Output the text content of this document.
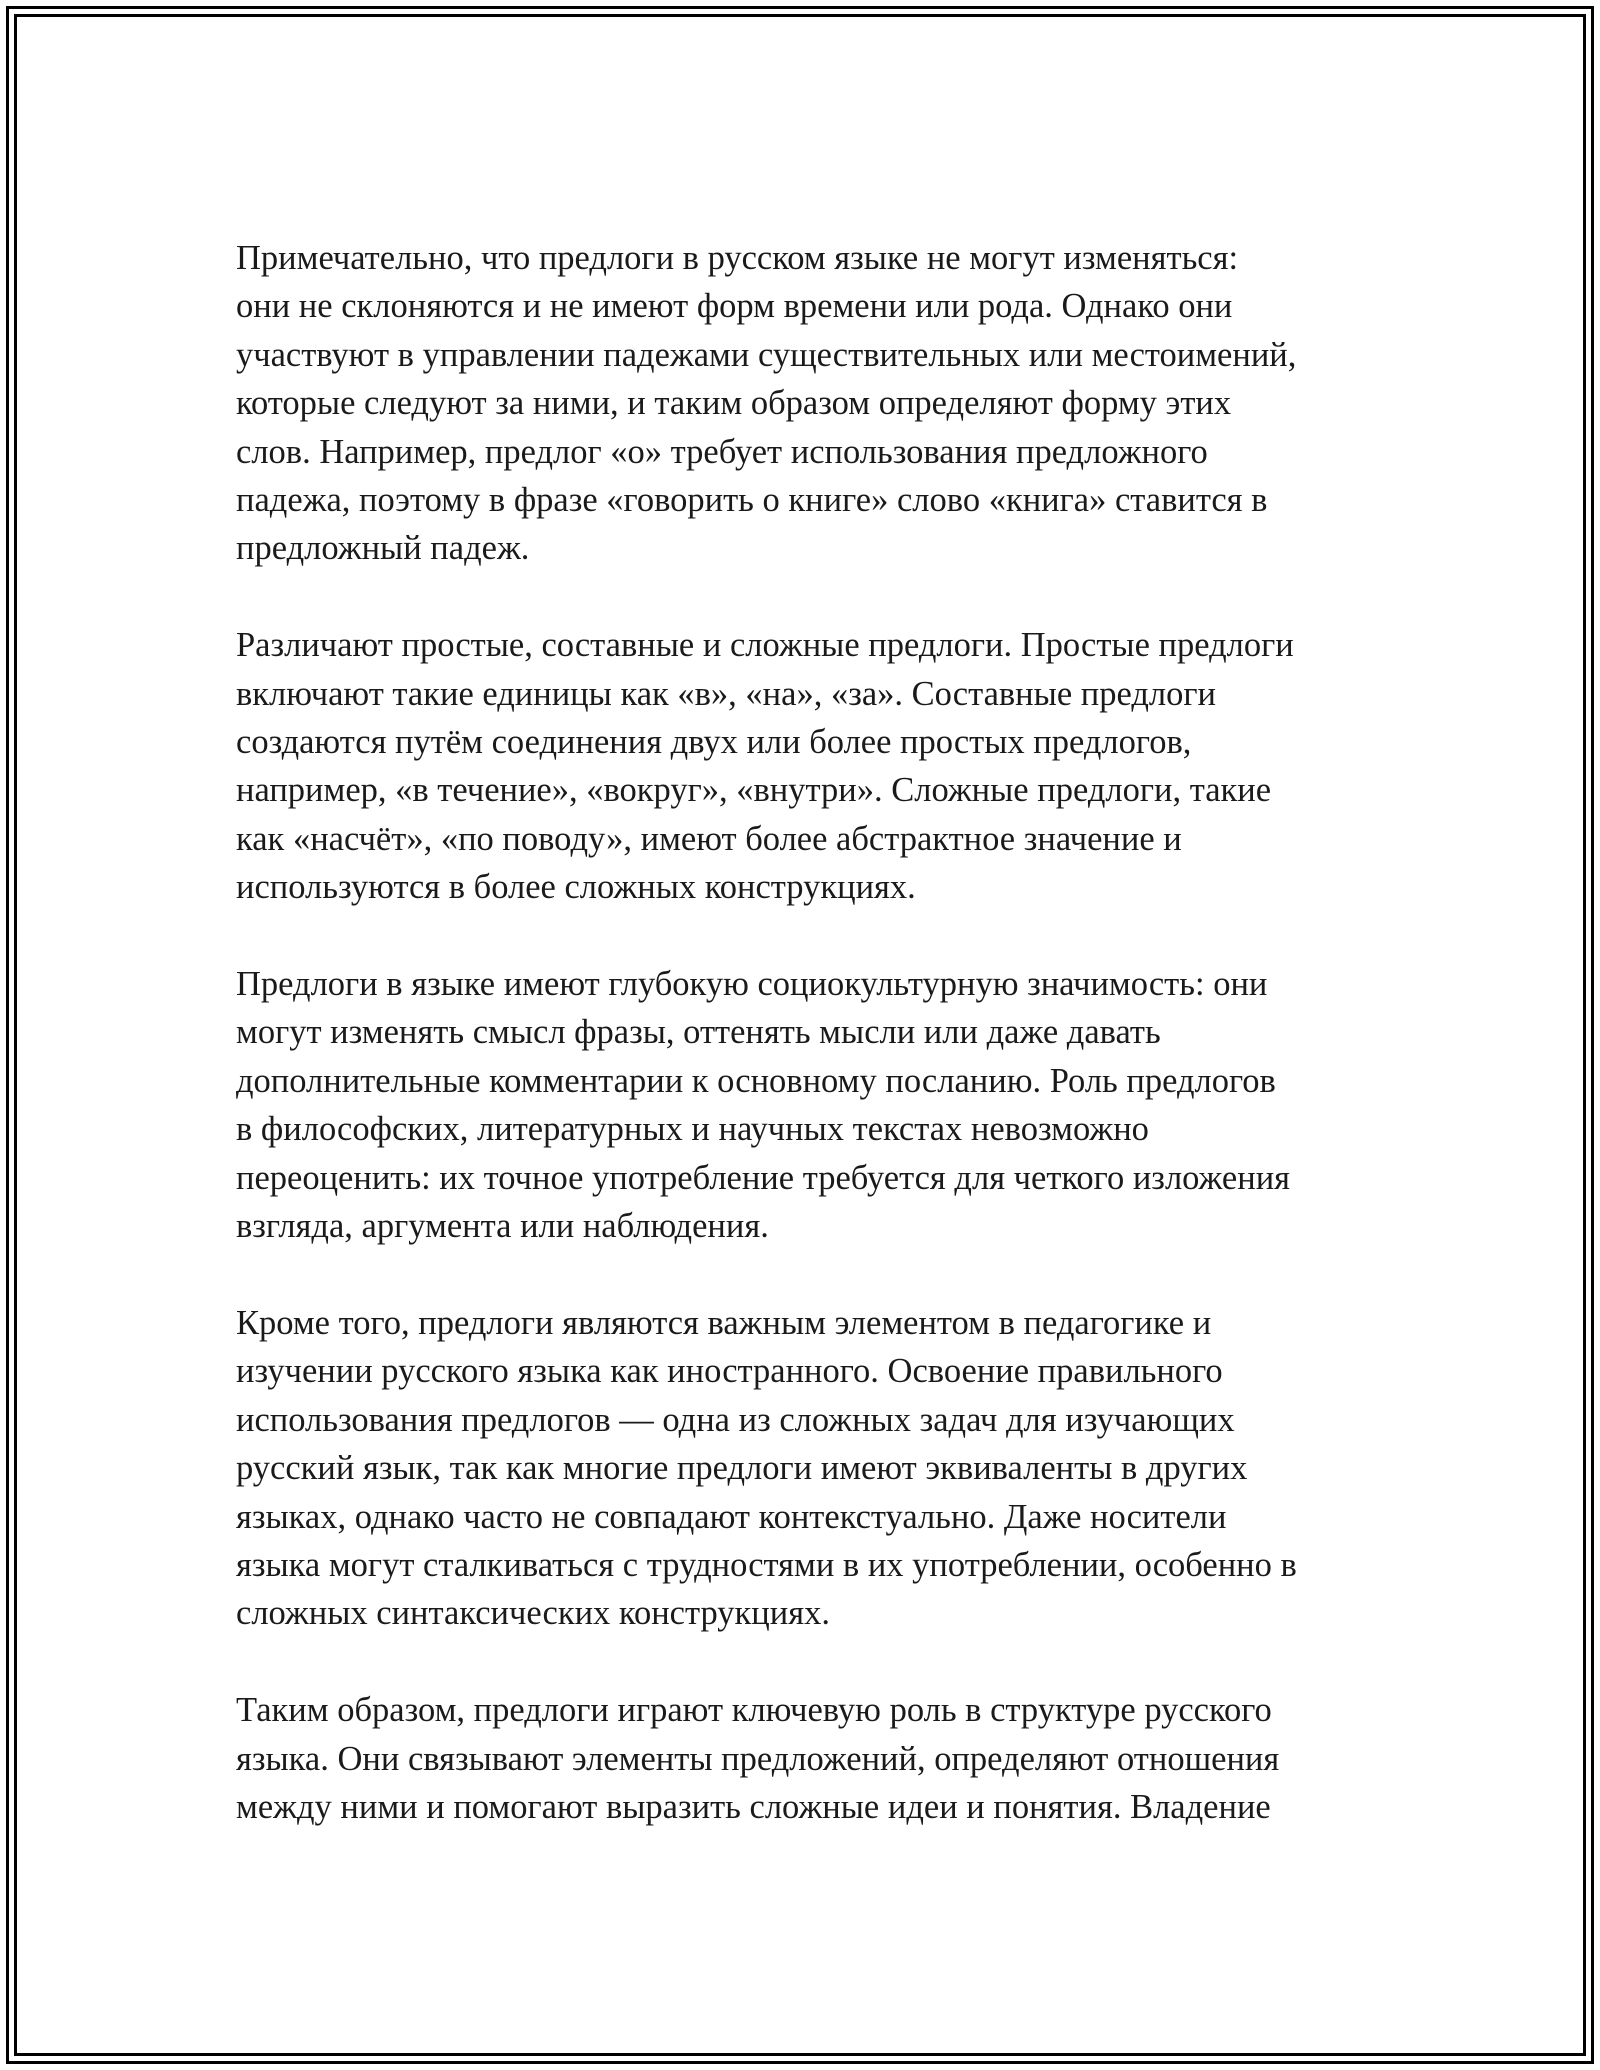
Примечательно, что предлоги в русском языке не могут изменяться:
они не склоняются и не имеют форм времени или рода. Однако они
участвуют в управлении падежами существительных или местоимений,
которые следуют за ними, и таким образом определяют форму этих
слов. Например, предлог «о» требует использования предложного
падежа, поэтому в фразе «говорить о книге» слово «книга» ставится в
предложный падеж.

Различают простые, составные и сложные предлоги. Простые предлоги
включают такие единицы как «в», «на», «за». Составные предлоги
создаются путём соединения двух или более простых предлогов,
например, «в течение», «вокруг», «внутри». Сложные предлоги, такие
как «насчёт», «по поводу», имеют более абстрактное значение и
используются в более сложных конструкциях.

Предлоги в языке имеют глубокую социокультурную значимость: они
могут изменять смысл фразы, оттенять мысли или даже давать
дополнительные комментарии к основному посланию. Роль предлогов
в философских, литературных и научных текстах невозможно
переоценить: их точное употребление требуется для четкого изложения
взгляда, аргумента или наблюдения.

Кроме того, предлоги являются важным элементом в педагогике и
изучении русского языка как иностранного. Освоение правильного
использования предлогов — одна из сложных задач для изучающих
русский язык, так как многие предлоги имеют эквиваленты в других
языках, однако часто не совпадают контекстуально. Даже носители
языка могут сталкиваться с трудностями в их употреблении, особенно в
сложных синтаксических конструкциях.

Таким образом, предлоги играют ключевую роль в структуре русского
языка. Они связывают элементы предложений, определяют отношения
между ними и помогают выразить сложные идеи и понятия. Владение
